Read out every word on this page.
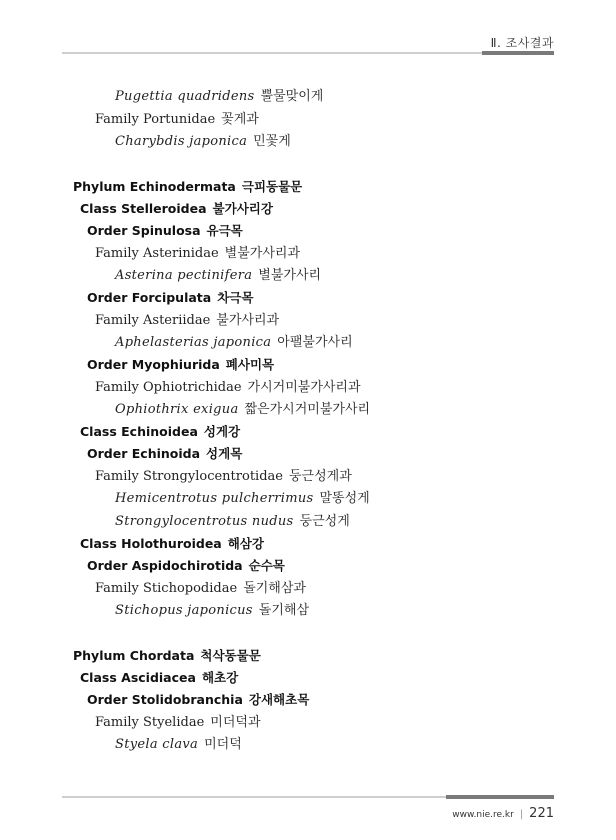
Ⅱ. 조사결과
Pugettia quadridens 뿔물맞이게
Family Portunidae 꽃게과
Charybdis japonica 민꽃게
Phylum Echinodermata 극피동물문
Class Stelleroidea 불가사리강
Order Spinulosa 유극목
Family Asterinidae 별불가사리과
Asterina pectinifera 별불가사리
Order Forcipulata 차극목
Family Asteriidae 불가사리과
Aphelasterias japonica 아팰불가사리
Order Myophiurida 폐사미목
Family Ophiotrichidae 가시거미불가사리과
Ophiothrix exigua 짧은가시거미불가사리
Class Echinoidea 성게강
Order Echinoida 성게목
Family Strongylocentrotidae 둥근성게과
Hemicentrotus pulcherrimus 말똥성게
Strongylocentrotus nudus 둥근성게
Class Holothuroidea 해삼강
Order Aspidochirotida 순수목
Family Stichopodidae 돌기해삼과
Stichopus japonicus 돌기해삼
Phylum Chordata 척삭동물문
Class Ascidiacea 해초강
Order Stolidobranchia 강새해초목
Family Styelidae 미더덕과
Styela clava 미더덕
www.nie.re.kr | 221
